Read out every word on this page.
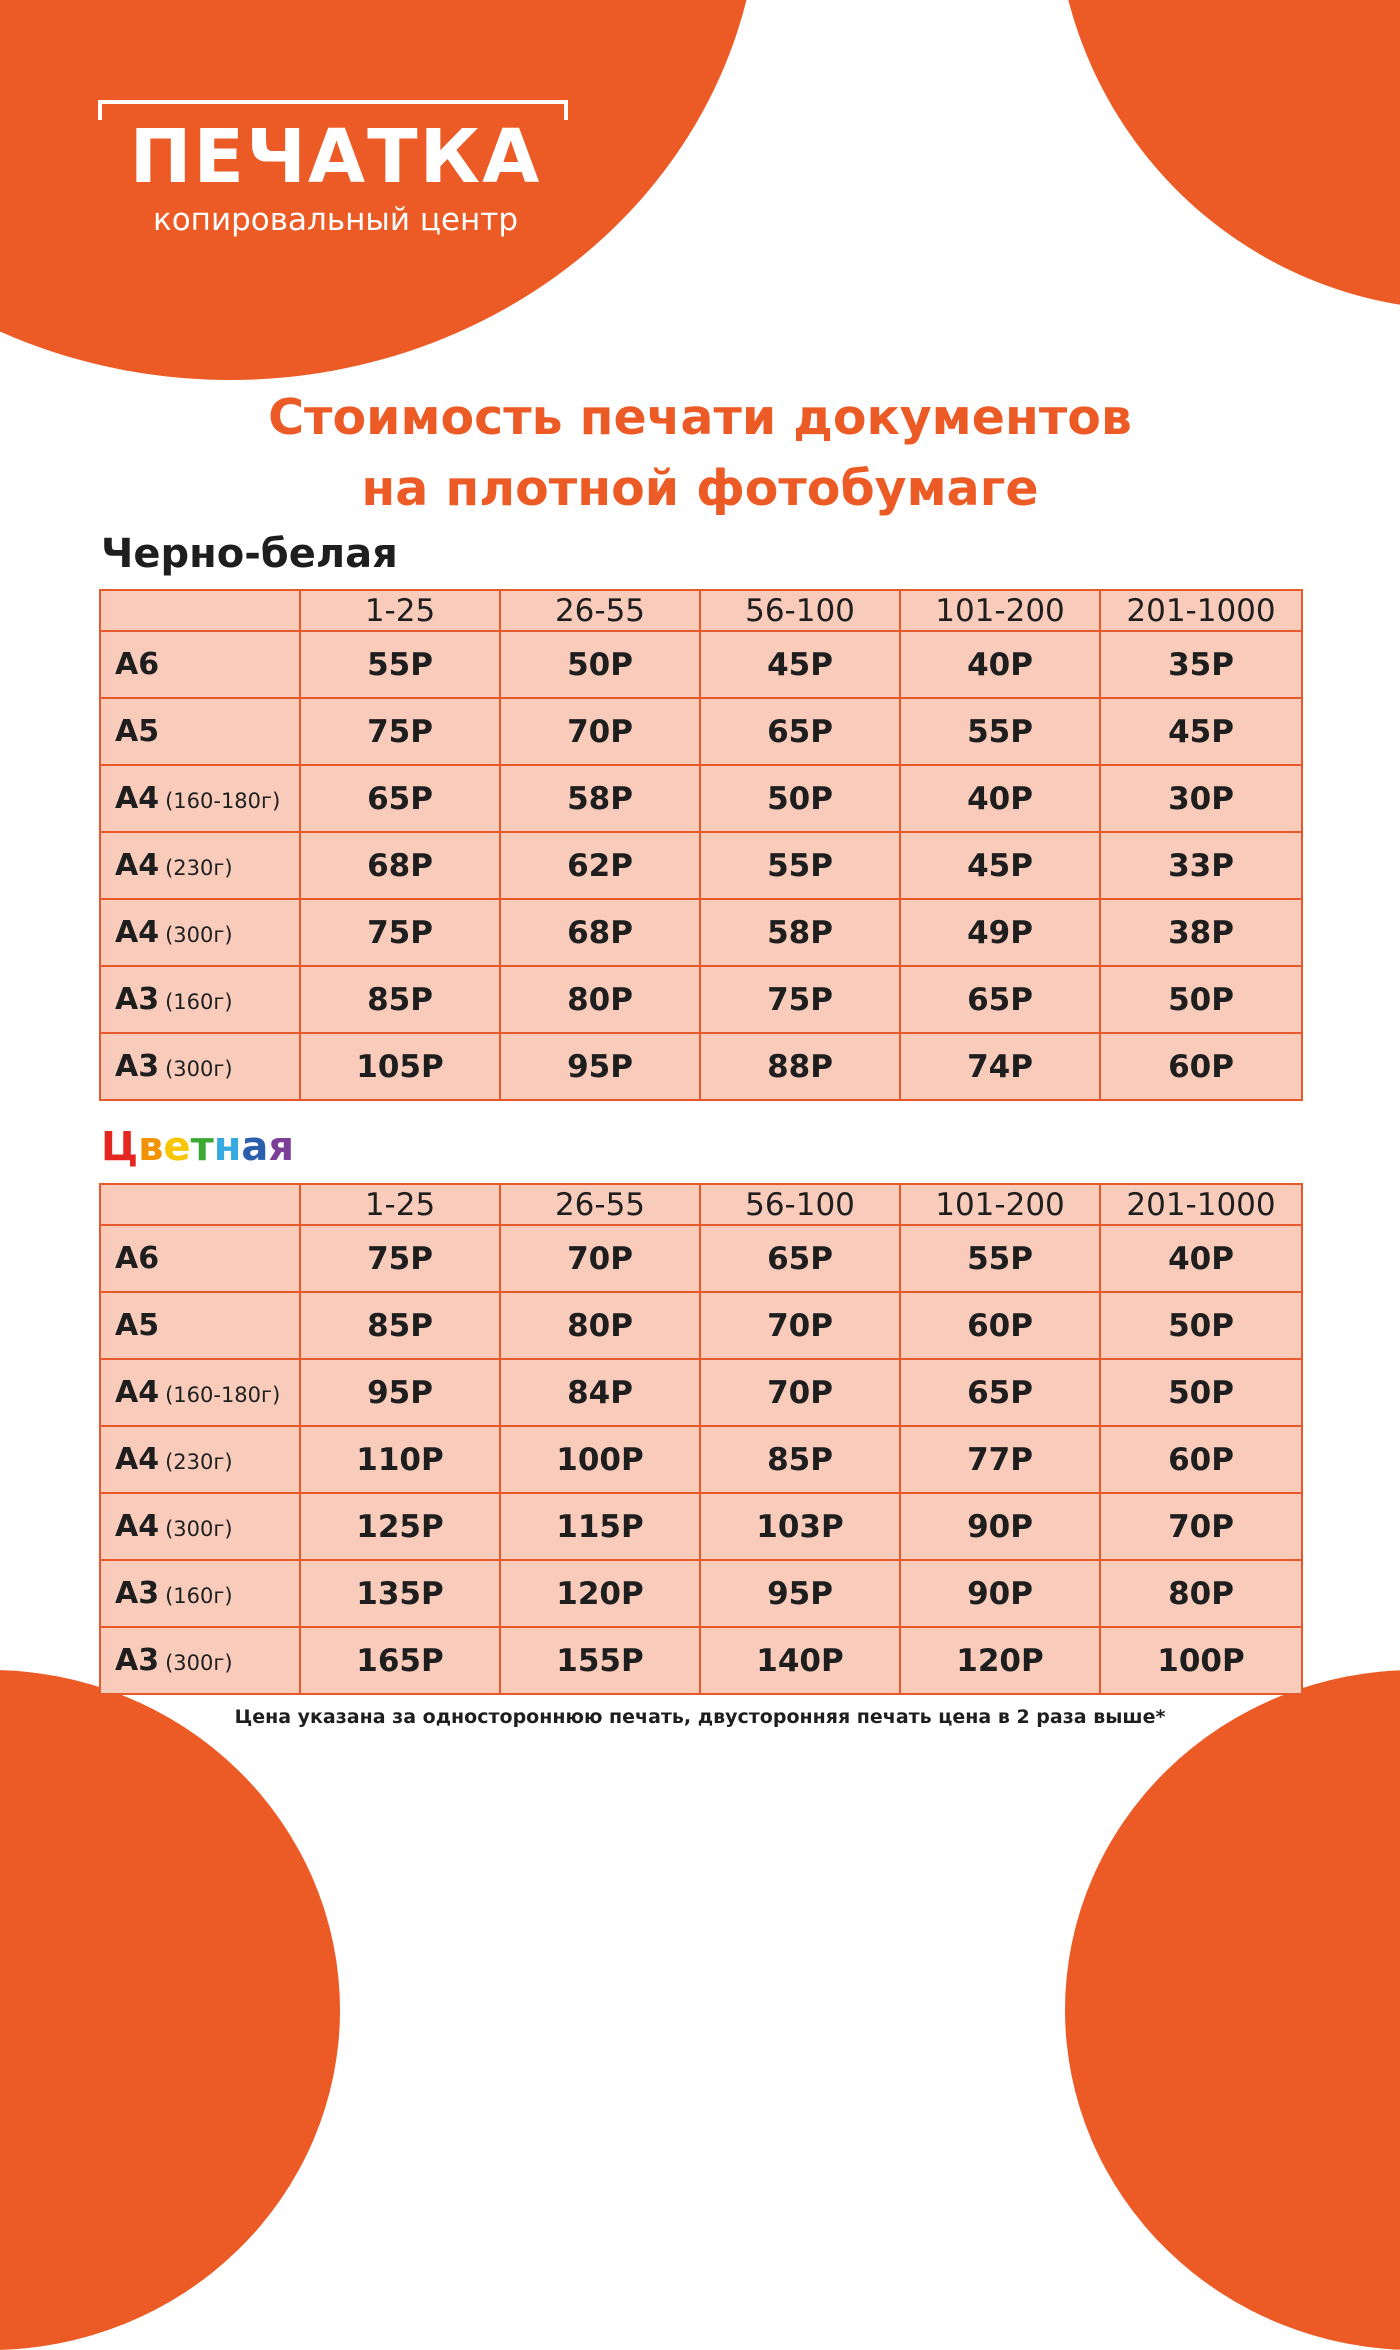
ПЕЧАТКА
копировальный центр
Стоимость печати документов
на плотной фотобумаге
Черно-белая
	1-25	26-55	56-100	101-200	201-1000
А6	55Р	50Р	45Р	40Р	35Р
А5	75Р	70Р	65Р	55Р	45Р
А4 (160-180г)	65Р	58Р	50Р	40Р	30Р
А4 (230г)	68Р	62Р	55Р	45Р	33Р
А4 (300г)	75Р	68Р	58Р	49Р	38Р
А3 (160г)	85Р	80Р	75Р	65Р	50Р
А3 (300г)	105Р	95Р	88Р	74Р	60Р
Цветная
	1-25	26-55	56-100	101-200	201-1000
А6	75Р	70Р	65Р	55Р	40Р
А5	85Р	80Р	70Р	60Р	50Р
А4 (160-180г)	95Р	84Р	70Р	65Р	50Р
А4 (230г)	110Р	100Р	85Р	77Р	60Р
А4 (300г)	125Р	115Р	103Р	90Р	70Р
А3 (160г)	135Р	120Р	95Р	90Р	80Р
А3 (300г)	165Р	155Р	140Р	120Р	100Р
Цена указана за одностороннюю печать, двусторонняя печать цена в 2 раза выше*
